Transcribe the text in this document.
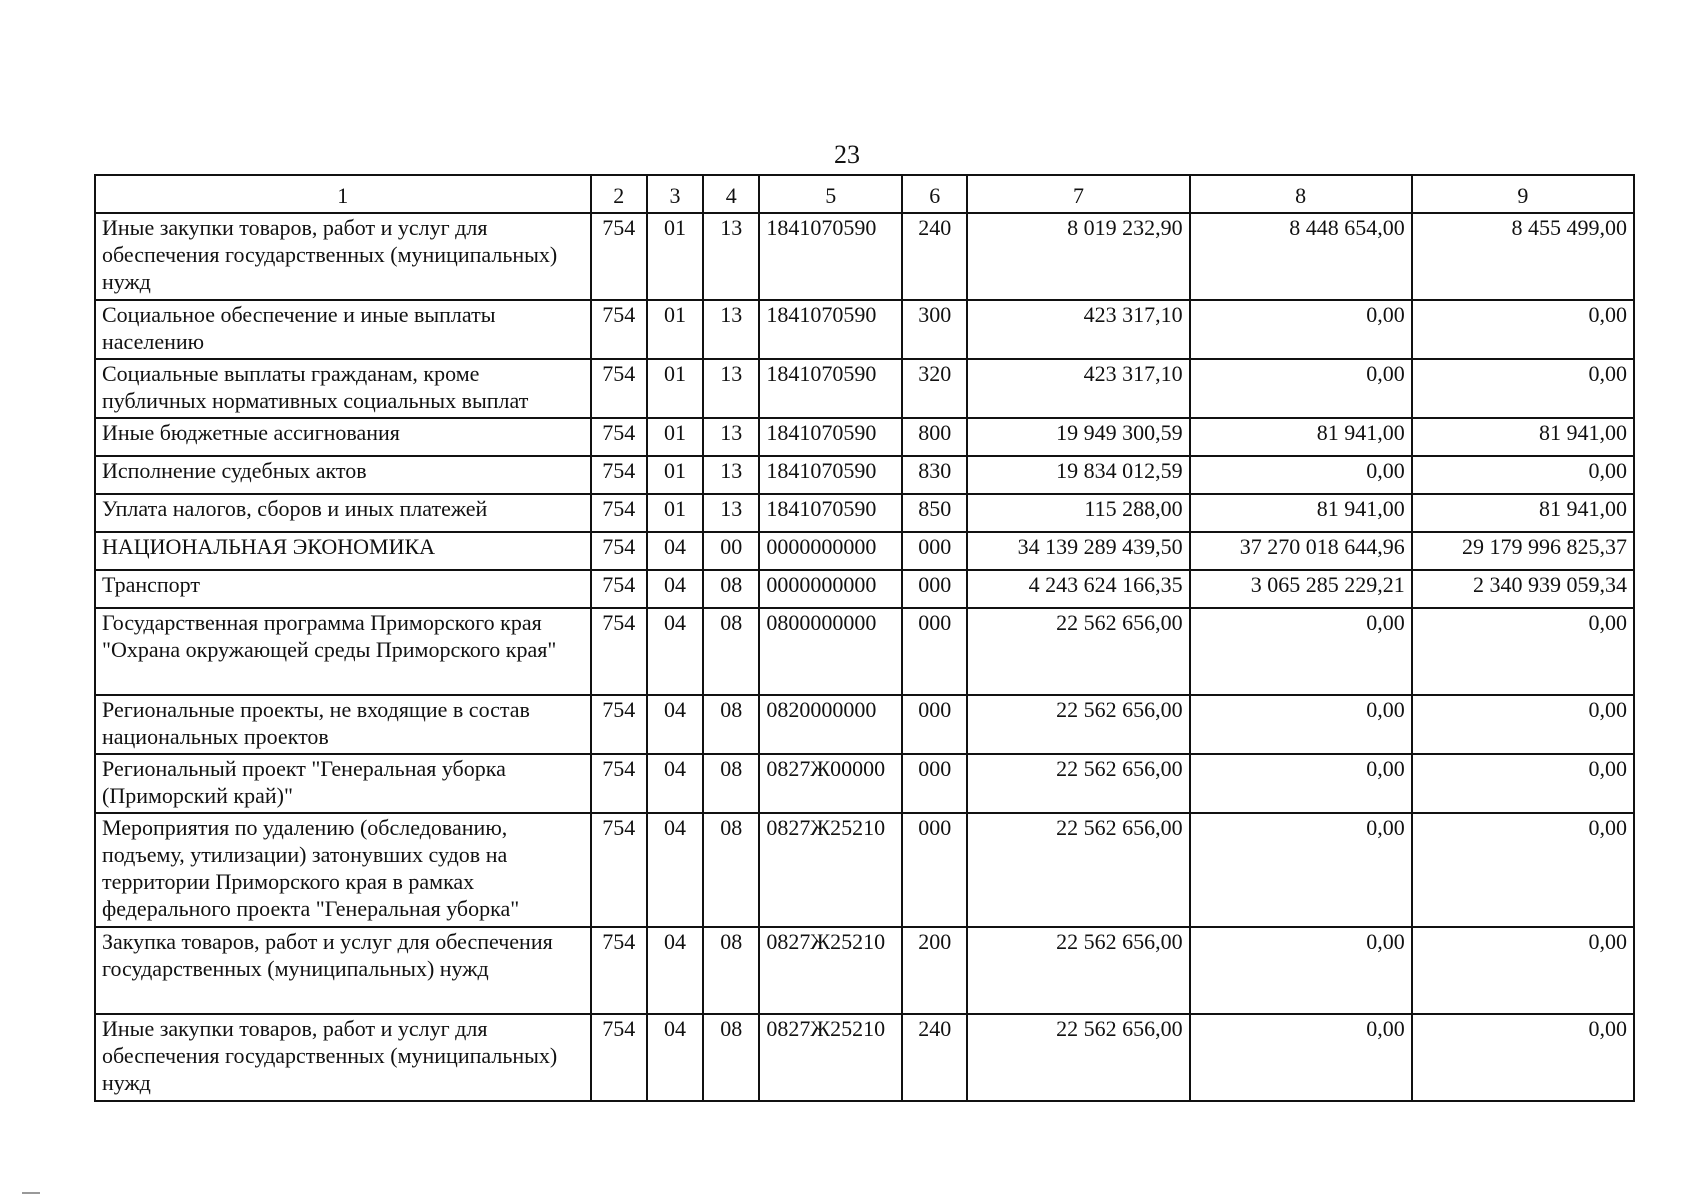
23
1	2	3	4	5	6	7	8	9
Иные закупки товаров, работ и услуг для обеспечения государственных (муниципальных) нужд	754	01	13	1841070590	240	8 019 232,90	8 448 654,00	8 455 499,00
Социальное обеспечение и иные выплаты населению	754	01	13	1841070590	300	423 317,10	0,00	0,00
Социальные выплаты гражданам, кроме публичных нормативных социальных выплат	754	01	13	1841070590	320	423 317,10	0,00	0,00
Иные бюджетные ассигнования	754	01	13	1841070590	800	19 949 300,59	81 941,00	81 941,00
Исполнение судебных актов	754	01	13	1841070590	830	19 834 012,59	0,00	0,00
Уплата налогов, сборов и иных платежей	754	01	13	1841070590	850	115 288,00	81 941,00	81 941,00
НАЦИОНАЛЬНАЯ ЭКОНОМИКА	754	04	00	0000000000	000	34 139 289 439,50	37 270 018 644,96	29 179 996 825,37
Транспорт	754	04	08	0000000000	000	4 243 624 166,35	3 065 285 229,21	2 340 939 059,34
Государственная программа Приморского края "Охрана окружающей среды Приморского края"	754	04	08	0800000000	000	22 562 656,00	0,00	0,00
Региональные проекты, не входящие в состав национальных проектов	754	04	08	0820000000	000	22 562 656,00	0,00	0,00
Региональный проект "Генеральная уборка (Приморский край)"	754	04	08	0827Ж00000	000	22 562 656,00	0,00	0,00
Мероприятия по удалению (обследованию, подъему, утилизации) затонувших судов на территории Приморского края в рамках федерального проекта "Генеральная уборка"	754	04	08	0827Ж25210	000	22 562 656,00	0,00	0,00
Закупка товаров, работ и услуг для обеспечения государственных (муниципальных) нужд	754	04	08	0827Ж25210	200	22 562 656,00	0,00	0,00
Иные закупки товаров, работ и услуг для обеспечения государственных (муниципальных) нужд	754	04	08	0827Ж25210	240	22 562 656,00	0,00	0,00
